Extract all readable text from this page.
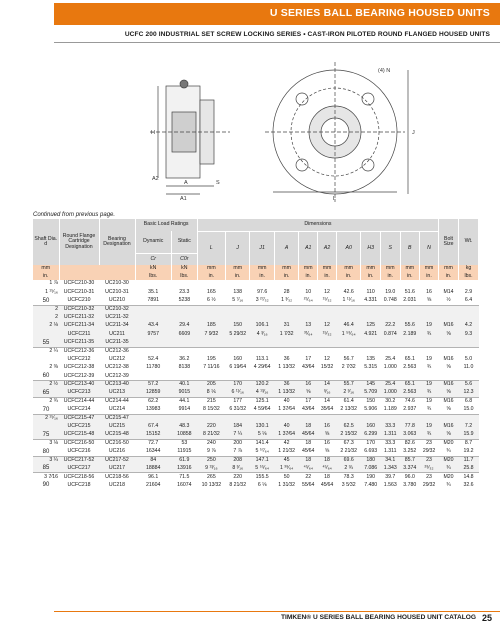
U SERIES BALL BEARING HOUSED UNITS
UCFC 200 INDUSTRIAL SET SCREW LOCKING SERIES • CAST-IRON PILOTED ROUND FLANGED HOUSED UNITS
(4) N
H
A2
A
A1
S
L
J
Continued from previous page.
Shaft Dia. d	Round Flange Cartridge Designation	Bearing Designation	Basic Load Ratings		Dimensions											Bolt Size	Wt.
			Dynamic	Static	L	J	J1	A	A1	A2	A0	H3	S	B	N		
			Cr	C0r													
mm			kN	kN	mm	mm	mm	mm	mm	mm	mm	mm	mm	mm	mm	mm	kg
in.			lbs.	lbs.	in.	in.	in.	in.	in.	in.	in.	in.	in.	in.	in.	in.	lbs.
1 ⅞	UCFC210-30	UC210-30															
1 ¹⁵⁄₁₆	UCFC210-31	UC210-31	35.1	23.3	165	138	97.6	28	10	12	42.6	110	19.0	51.6	16	M14	2.9
50	UCFC210	UC210	7891	5238	6 ½	5 ⁷⁄₁₆	3 ²⁷⁄₃₂	1 ³⁄₃₂	²⁵⁄₆₄	¹⁵⁄₃₂	1 ¹¹⁄₁₆	4.331	0.748	2.031	⅝	½	6.4
2	UCFC210-32	UC210-32															
2	UCFC211-32	UC211-32															
2 ⅛	UCFC211-34	UC211-34	43.4	29.4	185	150	106.1	31	13	12	46.4	125	22.2	55.6	19	M16	4.2
	UCFC211	UC211	9757	6609	7 9⁄32	5 29⁄32	4 ³⁄₁₆	1 7⁄32	³¹⁄₆₄	¹⁵⁄₃₂	1 ⁵⁹⁄₆₄	4.921	0.874	2.189	¾	⅝	9.3
55	UCFC211-35	UC211-35															
2 ¼	UCFC212-36	UC212-36															
	UCFC212	UC212	52.4	36.2	195	160	113.1	36	17	12	56.7	135	25.4	65.1	19	M16	5.0
2 ⅜	UCFC212-38	UC212-38	11780	8138	7 11⁄16	6 19⁄64	4 29⁄64	1 13⁄32	43⁄64	15⁄32	2 7⁄32	5.315	1.000	2.563	¾	⅝	11.0
60	UCFC212-39	UC212-39															
2 ½	UCFC213-40	UC213-40	57.2	40.1	205	170	120.2	36	16	14	55.7	145	25.4	65.1	19	M16	5.6
65	UCFC213	UC213	12859	9015	8 ⅙	6 ¹¹⁄₁₆	4 ¹³⁄₁₆	1 13⁄32	⅝	⁹⁄₁₆	2 ³⁄₁₆	5.709	1.000	2.563	¾	⅝	12.3
2 ¾	UCFC214-44	UC214-44	62.2	44.1	215	177	125.1	40	17	14	61.4	150	30.2	74.6	19	M16	6.8
70	UCFC214	UC214	13983	9914	8 15⁄32	6 31⁄32	4 59⁄64	1 37⁄64	43⁄64	35⁄64	2 13⁄32	5.906	1.189	2.937	¾	⅝	15.0
2 ¹⁵⁄₁₆	UCFC215-47	UC215-47															
	UCFC215	UC215	67.4	48.3	220	184	130.1	40	18	16	62.5	160	33.3	77.8	19	M16	7.2
75	UCFC215-48	UC215-48	15152	10858	8 21⁄32	7 ¼	5 ⅛	1 37⁄64	45⁄64	⅝	2 15⁄32	6.299	1.311	3.063	¾	⅝	15.9
3 ⅛	UCFC216-50	UC216-50	72.7	53	240	200	141.4	42	18	16	67.3	170	33.3	82.6	23	M20	8.7
80	UCFC216	UC216	16344	11915	9 ⅞	7 ⅞	5 ⁵⁷⁄₆₄	1 21⁄32	45⁄64	⅝	2 21⁄32	6.693	1.311	3.252	29⁄32	¾	19.2
3 ¼	UCFC217-52	UC217-52	84	61.9	250	208	147.1	45	18	18	69.6	180	34.1	85.7	23	M20	11.7
85	UCFC217	UC217	18884	13916	9 ¹³⁄₁₆	8 ³⁄₁₆	5 ⁵⁵⁄₆₄	1 ³⁹⁄₆₄	⁴⁵⁄₆₄	⁴⁵⁄₆₄	2 ¾	7.086	1.343	3.374	²⁹⁄₃₂	¾	25.8
3 7⁄16	UCFC218-56	UC218-56	96.1	71.5	265	220	155.5	50	22	18	78.3	190	39.7	96.0	23	M20	14.8
90	UCFC218	UC218	21604	16074	10 13⁄32	8 21⁄32	6 ⅛	1 31⁄32	55⁄64	45⁄64	3 5⁄32	7.480	1.563	3.780	29⁄32	¾	32.6
TIMKEN® U SERIES BALL BEARING HOUSED UNIT CATALOG 25
